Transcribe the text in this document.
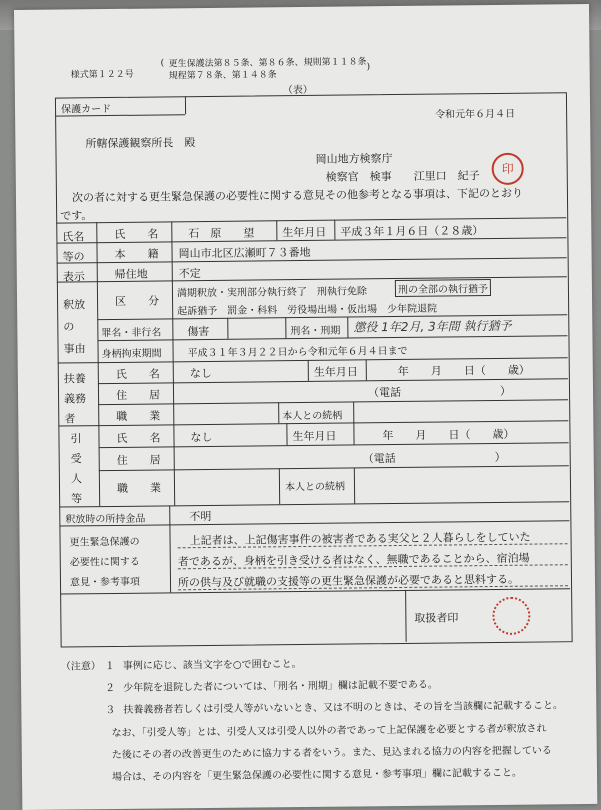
様式第１２２号
( 更生保護法第８５条、第８６条、規則第１１８条
規程第７８条、第１４８条
)
（表）
保護カード	令和元年６月４日
所轄保護観察所長　殿
岡山地方検察庁
検察官　検事　　江里口　紀子
印
次の者に対する更生緊急保護の必要性に関する意見その他参考となる事項は、下記のとおり
です。
氏名
等の
表示
氏　　名	石　原　　望	生年月日 平成３年１月６日（２８歳）
本　　籍 岡山市北区広瀬町７３番地
帰住地	不定
釈放
の
事由
区　　分
満期釈放・実刑部分執行終了　刑執行免除	刑の全部の執行猶予
起訴猶予　罰金・科料　労役場出場・仮出場　少年院退院
罪名・非行名 傷害	刑名・刑期 懲役 1年2月, 3年間 執行猶予
身柄拘束期間	平成３１年３月２２日から令和元年６月４日まで
扶養
義務
者
氏　　名	なし	生年月日	年　　月　　日（　　歳）
住　　居	（電話　　　　　　　　　）
職　　業	本人との続柄
引
受
人
等
氏　　名	なし	生年月日	年　　月　　日（　　歳）
住　　居	（電話　　　　　　　　　）
職　　業	本人との続柄
釈放時の所持金品	不明
更生緊急保護の
必要性に関する
意見・参考事項
上記者は、上記傷害事件の被害者である実父と２人暮らしをしていた
者であるが、身柄を引き受ける者はなく、無職であることから、宿泊場
所の供与及び就職の支援等の更生緊急保護が必要であると思料する。
取扱者印
（注意） １ 事例に応じ、該当文字を○で囲むこと。
２ 少年院を退院した者については、「刑名・刑期」欄は記載不要である。
３ 扶養義務者若しくは引受人等がいないとき、又は不明のときは、その旨を当該欄に記載すること。
なお、「引受人等」とは、引受人又は引受人以外の者であって上記保護を必要とする者が釈放され
た後にその者の改善更生のために協力する者をいう。また、見込まれる協力の内容を把握している
場合は、その内容を「更生緊急保護の必要性に関する意見・参考事項」欄に記載すること。
